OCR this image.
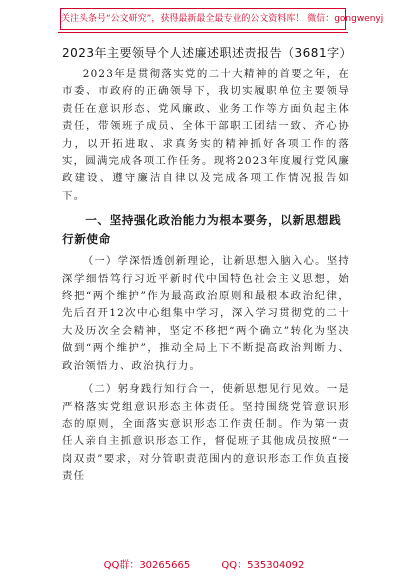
关注头条号“公文研究”，获得最新最全最专业的公文资料库！ 微信：gongwenyj
2023年主要领导个人述廉述职述责报告（3681字）

2023年是贯彻落实党的二十大精神的首要之年，在市委、市政府的正确领导下，我切实履职单位主要领导责任在意识形态、党风廉政、业务工作等方面负起主体责任，带领班子成员、全体干部职工团结一致、齐心协力，以开拓进取、求真务实的精神抓好各项工作的落实，圆满完成各项工作任务。现将2023年度履行党风廉政建设、遵守廉洁自律以及完成各项工作情况报告如下。

一、坚持强化政治能力为根本要务，以新思想践行新使命

（一）学深悟透创新理论，让新思想入脑入心。坚持深学细悟笃行习近平新时代中国特色社会主义思想，始终把“两个维护”作为最高政治原则和最根本政治纪律，先后召开12次中心组集中学习，深入学习贯彻党的二十大及历次全会精神，坚定不移把“两个确立”转化为坚决做到“两个维护”，推动全局上下不断提高政治判断力、政治领悟力、政治执行力。

（二）躬身践行知行合一，使新思想见行见效。一是严格落实党组意识形态主体责任。坚持围绕党管意识形态的原则，全面落实意识形态工作责任制。作为第一责任人亲自主抓意识形态工作，督促班子其他成员按照“一岗双责”要求，对分管职责范围内的意识形态工作负直接责任

QQ群：30265665	QQ：535304092
